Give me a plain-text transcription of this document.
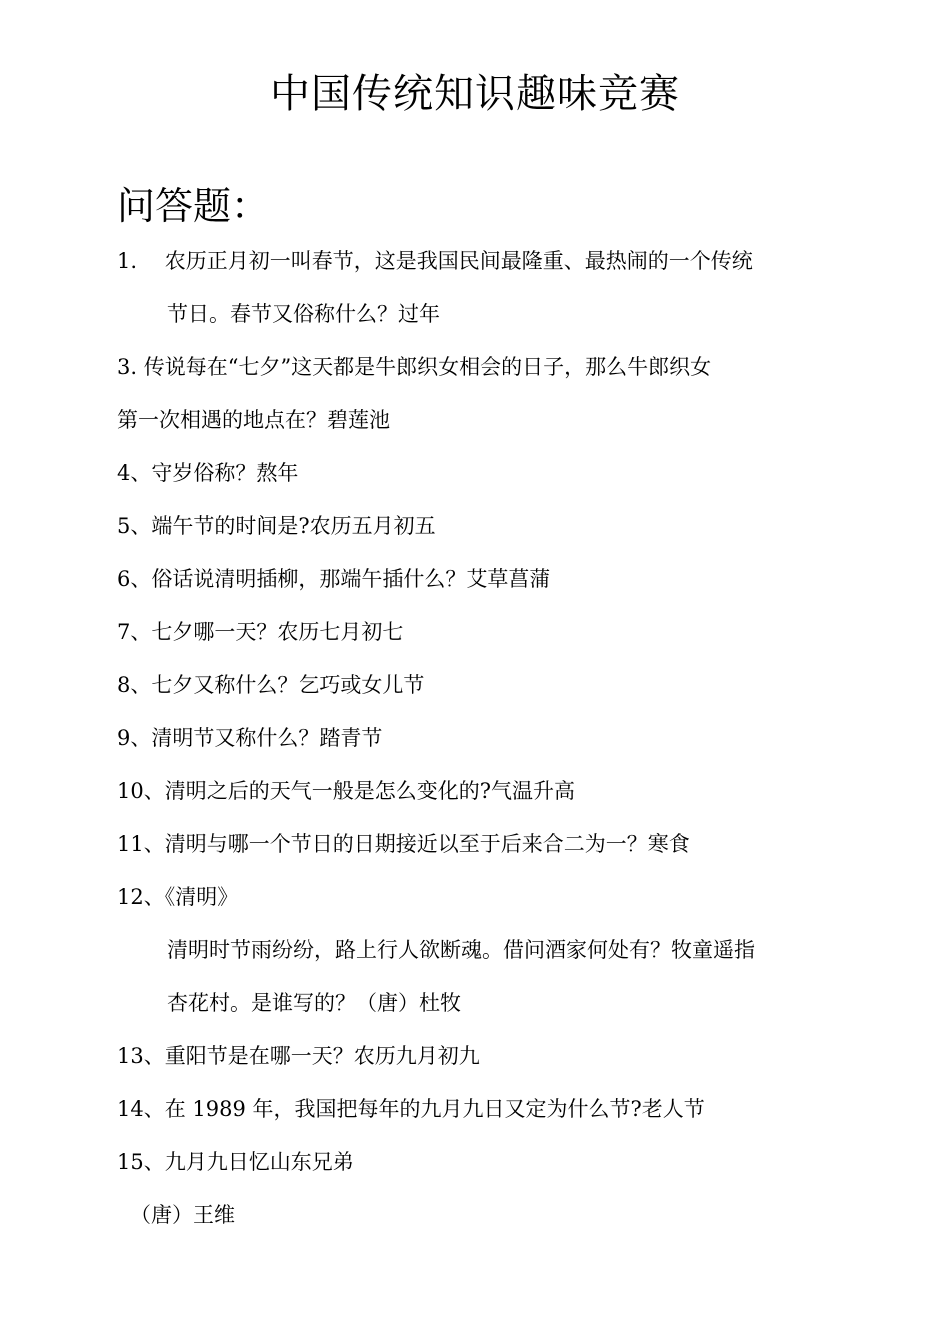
中国传统知识趣味竞赛
问答题：

1.　 农历正月初一叫春节，这是我国民间最隆重、最热闹的一个传统

节日。春节又俗称什么？过年

3. 传说每在“七夕”这天都是牛郎织女相会的日子，那么牛郎织女

第一次相遇的地点在？碧莲池

4、守岁俗称？熬年

5、端午节的时间是?农历五月初五

6、俗话说清明插柳，那端午插什么？艾草菖蒲

7、七夕哪一天？农历七月初七

8、七夕又称什么？乞巧或女儿节

9、清明节又称什么？踏青节

10、清明之后的天气一般是怎么变化的?气温升高

11、清明与哪一个节日的日期接近以至于后来合二为一？寒食

12、《清明》

清明时节雨纷纷，路上行人欲断魂。借问酒家何处有？牧童遥指

杏花村。是谁写的？（唐）杜牧

13、重阳节是在哪一天？农历九月初九

14、在 1989 年，我国把每年的九月九日又定为什么节?老人节

15、九月九日忆山东兄弟

（唐）王维
